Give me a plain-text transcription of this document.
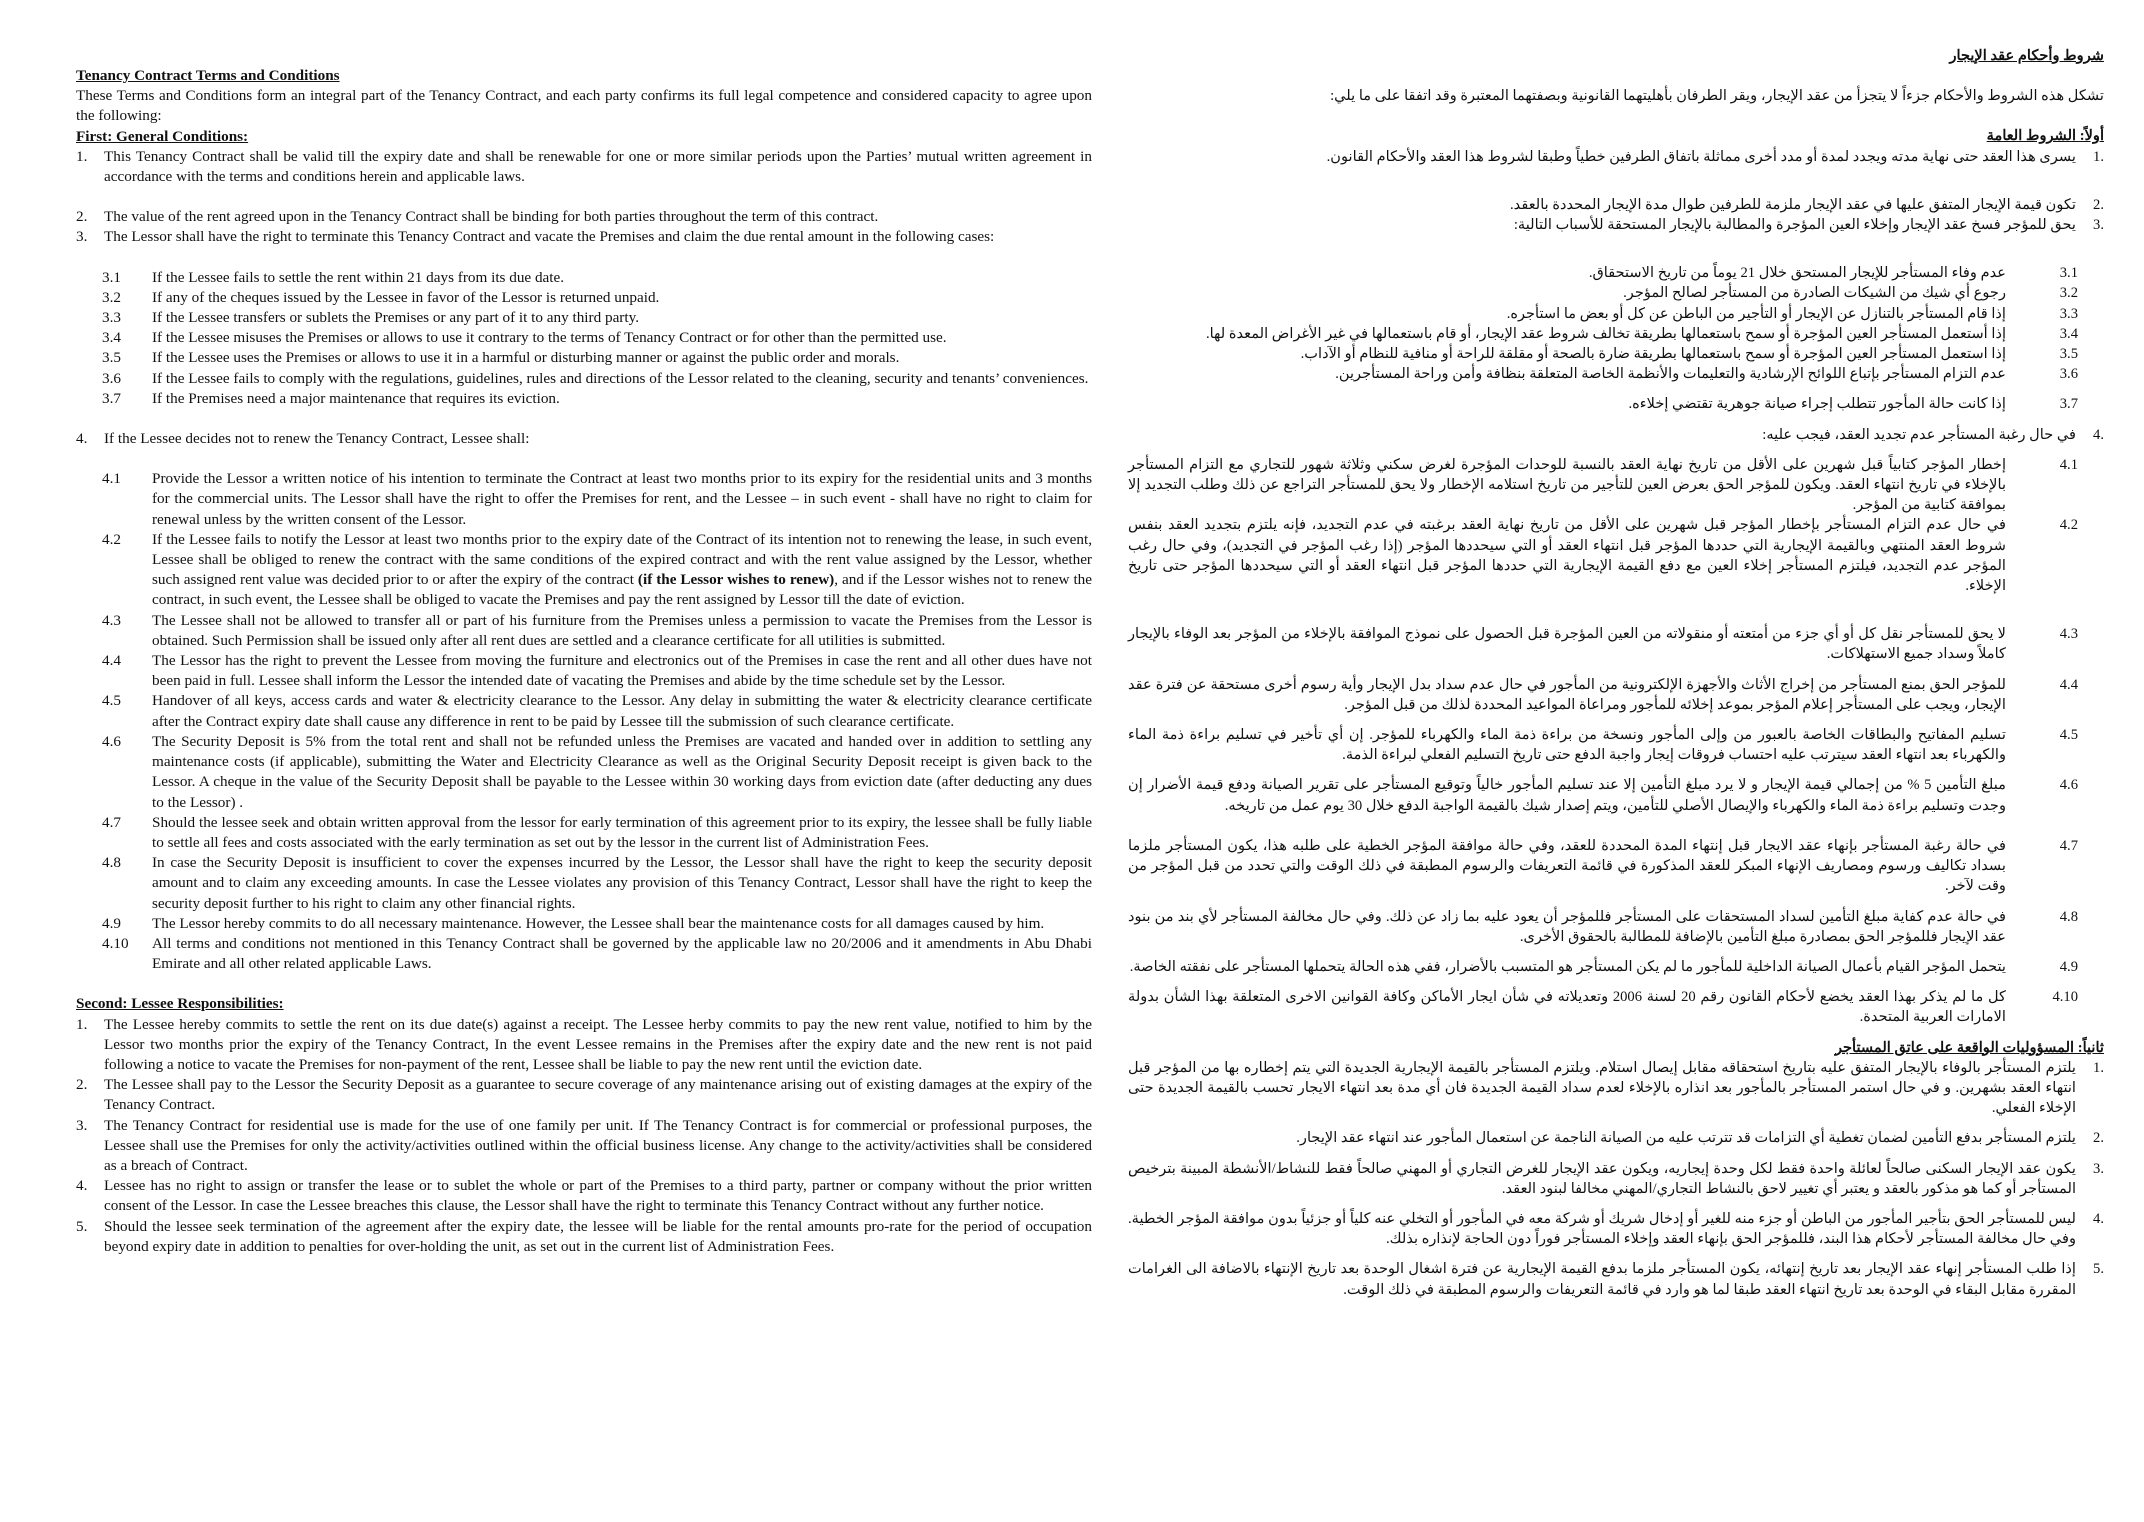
Tenancy Contract Terms and Conditions
These Terms and Conditions form an integral part of the Tenancy Contract, and each party confirms its full legal competence and considered capacity to agree upon the following:
First: General Conditions:
1.	This Tenancy Contract shall be valid till the expiry date and shall be renewable for one or more similar periods upon the Parties’ mutual written agreement in accordance with the terms and conditions herein and applicable laws.
2.	The value of the rent agreed upon in the Tenancy Contract shall be binding for both parties throughout the term of this contract.
3.	The Lessor shall have the right to terminate this Tenancy Contract and vacate the Premises and claim the due rental amount in the following cases:
3.1	If the Lessee fails to settle the rent within 21 days from its due date.
3.2	If any of the cheques issued by the Lessee in favor of the Lessor is returned unpaid.
3.3	If the Lessee transfers or sublets the Premises or any part of it to any third party.
3.4	If the Lessee misuses the Premises or allows to use it contrary to the terms of Tenancy Contract or for other than the permitted use.
3.5	If the Lessee uses the Premises or allows to use it in a harmful or disturbing manner or against the public order and morals.
3.6	If the Lessee fails to comply with the regulations, guidelines, rules and directions of the Lessor related to the cleaning, security and tenants’ conveniences.
3.7	If the Premises need a major maintenance that requires its eviction.
4.	If the Lessee decides not to renew the Tenancy Contract, Lessee shall:
4.1	Provide the Lessor a written notice of his intention to terminate the Contract at least two months prior to its expiry for the residential units and 3 months for the commercial units. The Lessor shall have the right to offer the Premises for rent, and the Lessee – in such event - shall have no right to claim for renewal unless by the written consent of the Lessor.
4.2	If the Lessee fails to notify the Lessor at least two months prior to the expiry date of the Contract of its intention not to renewing the lease, in such event, Lessee shall be obliged to renew the contract with the same conditions of the expired contract and with the rent value assigned by the Lessor, whether such assigned rent value was decided prior to or after the expiry of the contract (if the Lessor wishes to renew), and if the Lessor wishes not to renew the contract, in such event, the Lessee shall be obliged to vacate the Premises and pay the rent assigned by Lessor till the date of eviction.
4.3	The Lessee shall not be allowed to transfer all or part of his furniture from the Premises unless a permission to vacate the Premises from the Lessor is obtained. Such Permission shall be issued only after all rent dues are settled and a clearance certificate for all utilities is submitted.
4.4	The Lessor has the right to prevent the Lessee from moving the furniture and electronics out of the Premises in case the rent and all other dues have not been paid in full. Lessee shall inform the Lessor the intended date of vacating the Premises and abide by the time schedule set by the Lessor.
4.5	Handover of all keys, access cards and water & electricity clearance to the Lessor. Any delay in submitting the water & electricity clearance certificate after the Contract expiry date shall cause any difference in rent to be paid by Lessee till the submission of such clearance certificate.
4.6	The Security Deposit is 5% from the total rent and shall not be refunded unless the Premises are vacated and handed over in addition to settling any maintenance costs (if applicable), submitting the Water and Electricity Clearance as well as the Original Security Deposit receipt is given back to the Lessor. A cheque in the value of the Security Deposit shall be payable to the Lessee within 30 working days from eviction date (after deducting any dues to the Lessor) .
4.7	Should the lessee seek and obtain written approval from the lessor for early termination of this agreement prior to its expiry, the lessee shall be fully liable to settle all fees and costs associated with the early termination as set out by the lessor in the current list of Administration Fees.
4.8	In case the Security Deposit is insufficient to cover the expenses incurred by the Lessor, the Lessor shall have the right to keep the security deposit amount and to claim any exceeding amounts. In case the Lessee violates any provision of this Tenancy Contract, Lessor shall have the right to keep the security deposit further to his right to claim any other financial rights.
4.9	The Lessor hereby commits to do all necessary maintenance. However, the Lessee shall bear the maintenance costs for all damages caused by him.
4.10	All terms and conditions not mentioned in this Tenancy Contract shall be governed by the applicable law no 20/2006 and it amendments in Abu Dhabi Emirate and all other related applicable Laws.
Second: Lessee Responsibilities:
1.	The Lessee hereby commits to settle the rent on its due date(s) against a receipt. The Lessee herby commits to pay the new rent value, notified to him by the Lessor two months prior the expiry of the Tenancy Contract, In the event Lessee remains in the Premises after the expiry date and the new rent is not paid following a notice to vacate the Premises for non-payment of the rent, Lessee shall be liable to pay the new rent until the eviction date.
2.	The Lessee shall pay to the Lessor the Security Deposit as a guarantee to secure coverage of any maintenance arising out of existing damages at the expiry of the Tenancy Contract.
3.	The Tenancy Contract for residential use is made for the use of one family per unit. If The Tenancy Contract is for commercial or professional purposes, the Lessee shall use the Premises for only the activity/activities outlined within the official business license. Any change to the activity/activities shall be considered as a breach of Contract.
4.	Lessee has no right to assign or transfer the lease or to sublet the whole or part of the Premises to a third party, partner or company without the prior written consent of the Lessor. In case the Lessee breaches this clause, the Lessor shall have the right to terminate this Tenancy Contract without any further notice.
5.	Should the lessee seek termination of the agreement after the expiry date, the lessee will be liable for the rental amounts pro-rate for the period of occupation beyond expiry date in addition to penalties for over-holding the unit, as set out in the current list of Administration Fees.
شروط وأحكام عقد الإيجار
تشكل هذه الشروط والأحكام جزءاً لا يتجزأ من عقد الإيجار، ويقر الطرفان بأهليتهما القانونية وبصفتهما المعتبرة وقد اتفقا على ما يلي:
أولاً: الشروط العامة
.1
يسرى هذا العقد حتى نهاية مدته ويجدد لمدة أو مدد أخرى مماثلة باتفاق الطرفين خطياً وطبقا لشروط هذا العقد والأحكام القانون.
.2
تكون قيمة الإيجار المتفق عليها في عقد الإيجار ملزمة للطرفين طوال مدة الإيجار المحددة بالعقد.
.3
يحق للمؤجر فسخ عقد الإيجار وإخلاء العين المؤجرة والمطالبة بالإيجار المستحقة للأسباب التالية:
3.1
عدم وفاء المستأجر للإيجار المستحق خلال 21 يوماً من تاريخ الاستحقاق.
3.2
رجوع أي شيك من الشيكات الصادرة من المستأجر لصالح المؤجر.
3.3
إذا قام المستأجر بالتنازل عن الإيجار أو التأجير من الباطن عن كل أو بعض ما استأجره.
3.4
إذا أستعمل المستأجر العين المؤجرة أو سمح باستعمالها بطريقة تخالف شروط عقد الإيجار، أو قام باستعمالها في غير الأغراض المعدة لها.
3.5
إذا استعمل المستأجر العين المؤجرة أو سمح باستعمالها بطريقة ضارة بالصحة أو مقلقة للراحة أو منافية للنظام أو الآداب.
3.6
عدم التزام المستأجر بإتباع اللوائح الإرشادية والتعليمات والأنظمة الخاصة المتعلقة بنظافة وأمن وراحة المستأجرين.
3.7
إذا كانت حالة المأجور تتطلب إجراء صيانة جوهرية تقتضي إخلاءه.
.4
في حال رغبة المستأجر عدم تجديد العقد، فيجب عليه:
4.1
إخطار المؤجر كتابياً قبل شهرين على الأقل من تاريخ نهاية العقد بالنسبة للوحدات المؤجرة لغرض سكني وثلاثة شهور للتجاري مع التزام المستأجر بالإخلاء في تاريخ انتهاء العقد. ويكون للمؤجر الحق بعرض العين للتأجير من تاريخ استلامه الإخطار ولا يحق للمستأجر التراجع عن ذلك وطلب التجديد إلا بموافقة كتابية من المؤجر.
4.2
في حال عدم التزام المستأجر بإخطار المؤجر قبل شهرين على الأقل من تاريخ نهاية العقد برغبته في عدم التجديد، فإنه يلتزم بتجديد العقد بنفس شروط العقد المنتهي وبالقيمة الإيجارية التي حددها المؤجر قبل انتهاء العقد أو التي سيحددها المؤجر (إذا رغب المؤجر في التجديد)، وفي حال رغب المؤجر عدم التجديد، فيلتزم المستأجر إخلاء العين مع دفع القيمة الإيجارية التي حددها المؤجر قبل انتهاء العقد أو التي سيحددها المؤجر حتى تاريخ الإخلاء.
4.3
لا يحق للمستأجر نقل كل أو أي جزء من أمتعته أو منقولاته من العين المؤجرة قبل الحصول على نموذج الموافقة بالإخلاء من المؤجر بعد الوفاء بالإيجار كاملاً وسداد جميع الاستهلاكات.
4.4
للمؤجر الحق بمنع المستأجر من إخراج الأثاث والأجهزة الإلكترونية من المأجور في حال عدم سداد بدل الإيجار وأية رسوم أخرى مستحقة عن فترة عقد الإيجار، ويجب على المستأجر إعلام المؤجر بموعد إخلائه للمأجور ومراعاة المواعيد المحددة لذلك من قبل المؤجر.
4.5
تسليم المفاتيح والبطاقات الخاصة بالعبور من وإلى المأجور ونسخة من براءة ذمة الماء والكهرباء للمؤجر. إن أي تأخير في تسليم براءة ذمة الماء والكهرباء بعد انتهاء العقد سيترتب عليه احتساب فروقات إيجار واجبة الدفع حتى تاريخ التسليم الفعلي لبراءة الذمة.
4.6
مبلغ التأمين 5 % من إجمالي قيمة الإيجار و لا يرد مبلغ التأمين إلا عند تسليم المأجور خالياً وتوقيع المستأجر على تقرير الصيانة ودفع قيمة الأضرار إن وجدت وتسليم براءة ذمة الماء والكهرباء والإيصال الأصلي للتأمين، ويتم إصدار شيك بالقيمة الواجبة الدفع خلال 30 يوم عمل من تاريخه.
4.7
في حالة رغبة المستأجر بإنهاء عقد الايجار قبل إنتهاء المدة المحددة للعقد، وفي حالة موافقة المؤجر الخطية على طلبه هذا، يكون المستأجر ملزما بسداد تكاليف ورسوم ومصاريف الإنهاء المبكر للعقد المذكورة في قائمة التعريفات والرسوم المطبقة في ذلك الوقت والتي تحدد من قبل المؤجر من وقت لآخر.
4.8
في حالة عدم كفاية مبلغ التأمين لسداد المستحقات على المستأجر فللمؤجر أن يعود عليه بما زاد عن ذلك. وفي حال مخالفة المستأجر لأي بند من بنود عقد الإيجار فللمؤجر الحق بمصادرة مبلغ التأمين بالإضافة للمطالبة بالحقوق الأخرى.
4.9
يتحمل المؤجر القيام بأعمال الصيانة الداخلية للمأجور ما لم يكن المستأجر هو المتسبب بالأضرار، ففي هذه الحالة يتحملها المستأجر على نفقته الخاصة.
4.10
كل ما لم يذكر بهذا العقد يخضع لأحكام القانون رقم 20 لسنة 2006 وتعديلاته في شأن ايجار الأماكن وكافة القوانين الاخرى المتعلقة بهذا الشأن بدولة الامارات العربية المتحدة.
ثانياً: المسؤوليات الواقعة على عاتق المستأجر
.1
يلتزم المستأجر بالوفاء بالإيجار المتفق عليه بتاريخ استحقاقه مقابل إيصال استلام. ويلتزم المستأجر بالقيمة الإيجارية الجديدة التي يتم إخطاره بها من المؤجر قبل انتهاء العقد بشهرين. و في حال استمر المستأجر بالمأجور بعد انذاره بالإخلاء لعدم سداد القيمة الجديدة فان أي مدة بعد انتهاء الايجار تحسب بالقيمة الجديدة حتى الإخلاء الفعلي.
.2
يلتزم المستأجر بدفع التأمين لضمان تغطية أي التزامات قد تترتب عليه من الصيانة الناجمة عن استعمال المأجور عند انتهاء عقد الإيجار.
.3
يكون عقد الإيجار السكنى صالحاً لعائلة واحدة فقط لكل وحدة إيجاريه، ويكون عقد الإيجار للغرض التجاري أو المهني صالحاً فقط للنشاط/الأنشطة المبينة بترخيص المستأجر أو كما هو مذكور بالعقد و يعتبر أي تغيير لاحق بالنشاط التجاري/المهني مخالفا لبنود العقد.
.4
ليس للمستأجر الحق بتأجير المأجور من الباطن أو جزء منه للغير أو إدخال شريك أو شركة معه في المأجور أو التخلي عنه كلياً أو جزئياً بدون موافقة المؤجر الخطية. وفي حال مخالفة المستأجر لأحكام هذا البند، فللمؤجر الحق بإنهاء العقد وإخلاء المستأجر فوراً دون الحاجة لإنذاره بذلك.
.5
إذا طلب المستأجر إنهاء عقد الإيجار بعد تاريخ إنتهائه، يكون المستأجر ملزما بدفع القيمة الإيجارية عن فترة اشغال الوحدة بعد تاريخ الإنتهاء بالاضافة الى الغرامات المقررة مقابل البقاء في الوحدة بعد تاريخ انتهاء العقد طبقا لما هو وارد في قائمة التعريفات والرسوم المطبقة في ذلك الوقت.
